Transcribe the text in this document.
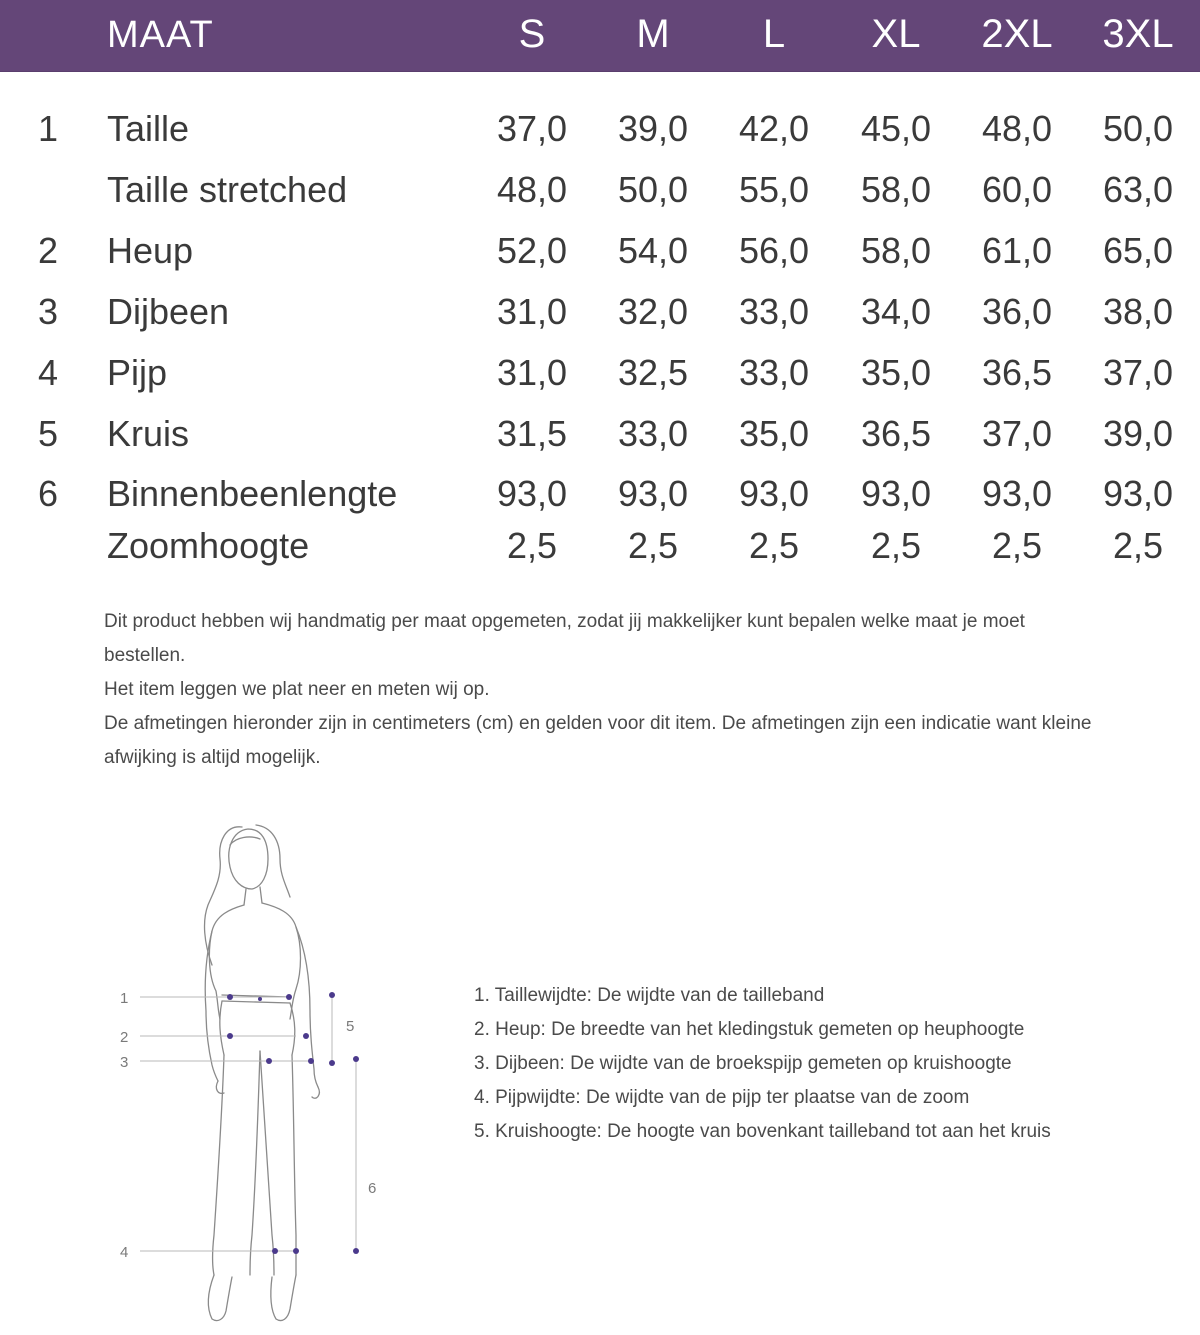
MAAT	S	M	L	XL	2XL	3XL
1 Taille	37,0	39,0	42,0	45,0	48,0	50,0
Taille stretched	48,0	50,0	55,0	58,0	60,0	63,0
2 Heup	52,0	54,0	56,0	58,0	61,0	65,0
3 Dijbeen	31,0	32,0	33,0	34,0	36,0	38,0
4 Pijp	31,0	32,5	33,0	35,0	36,5	37,0
5 Kruis	31,5	33,0	35,0	36,5	37,0	39,0
6 Binnenbeenlengte	93,0	93,0	93,0	93,0	93,0	93,0
Zoomhoogte	2,5	2,5	2,5	2,5	2,5	2,5

Dit product hebben wij handmatig per maat opgemeten, zodat jij makkelijker kunt bepalen welke maat je moet bestellen.

Het item leggen we plat neer en meten wij op.

De afmetingen hieronder zijn in centimeters (cm) en gelden voor dit item. De afmetingen zijn een indicatie want kleine afwijking is altijd mogelijk.

1
2
3
4
5
6

1. Taillewijdte: De wijdte van de tailleband

2. Heup: De breedte van het kledingstuk gemeten op heuphoogte

3. Dijbeen: De wijdte van de broekspijp gemeten op kruishoogte

4. Pijpwijdte: De wijdte van de pijp ter plaatse van de zoom

5. Kruishoogte: De hoogte van bovenkant tailleband tot aan het kruis
